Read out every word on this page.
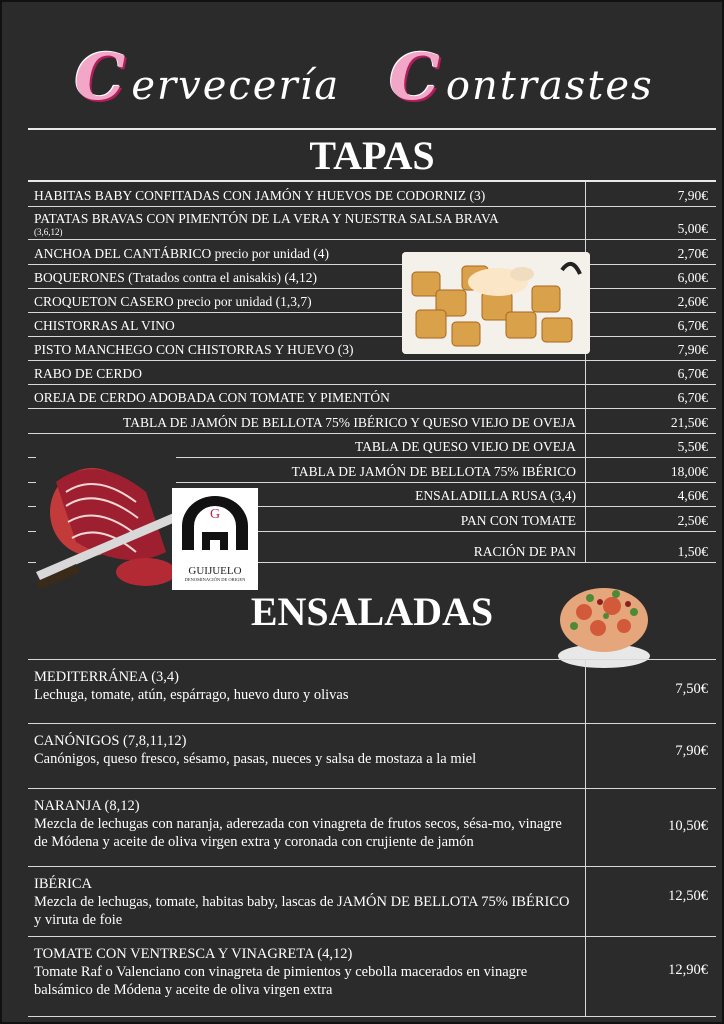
Cervecería C ontrastes
TAPAS
HABITAS BABY CONFITADAS CON JAMÓN Y HUEVOS DE CODORNIZ (3)	7,90€
PATATAS BRAVAS CON PIMENTÓN DE LA VERA Y NUESTRA SALSA BRAVA
(3,6,12)	5,00€
ANCHOA DEL CANTÁBRICO precio por unidad (4)	2,70€
BOQUERONES (Tratados contra el anisakis) (4,12)	6,00€
CROQUETON CASERO precio por unidad (1,3,7)	2,60€
CHISTORRAS AL VINO	6,70€
PISTO MANCHEGO CON CHISTORRAS Y HUEVO (3)	7,90€
RABO DE CERDO	6,70€
OREJA DE CERDO ADOBADA CON TOMATE Y PIMENTÓN	6,70€
TABLA DE JAMÓN DE BELLOTA 75% IBÉRICO Y QUESO VIEJO DE OVEJA	21,50€
TABLA DE QUESO VIEJO DE OVEJA	5,50€
TABLA DE JAMÓN DE BELLOTA 75% IBÉRICO	18,00€
ENSALADILLA RUSA (3,4)	4,60€
PAN CON TOMATE	2,50€
RACIÓN DE PAN	1,50€
G
GUIJUELO
DENOMINACIÓN DE ORIGEN
ENSALADAS
MEDITERRÁNEA (3,4)
Lechuga, tomate, atún, espárrago, huevo duro y olivas	7,50€
CANÓNIGOS (7,8,11,12)
Canónigos, queso fresco, sésamo, pasas, nueces y salsa de mostaza a la miel	7,90€
NARANJA (8,12)
Mezcla de lechugas con naranja, aderezada con vinagreta de frutos secos, sésa-mo, vinagre de Módena y aceite de oliva virgen extra y coronada con crujiente de jamón
10,50€
IBÉRICA
Mezcla de lechugas, tomate, habitas baby, lascas de JAMÓN DE BELLOTA 75% IBÉRICO y viruta de foie
12,50€
TOMATE CON VENTRESCA Y VINAGRETA (4,12)
Tomate Raf o Valenciano con vinagreta de pimientos y cebolla macerados en vinagre balsámico de Módena y aceite de oliva virgen extra
12,90€
